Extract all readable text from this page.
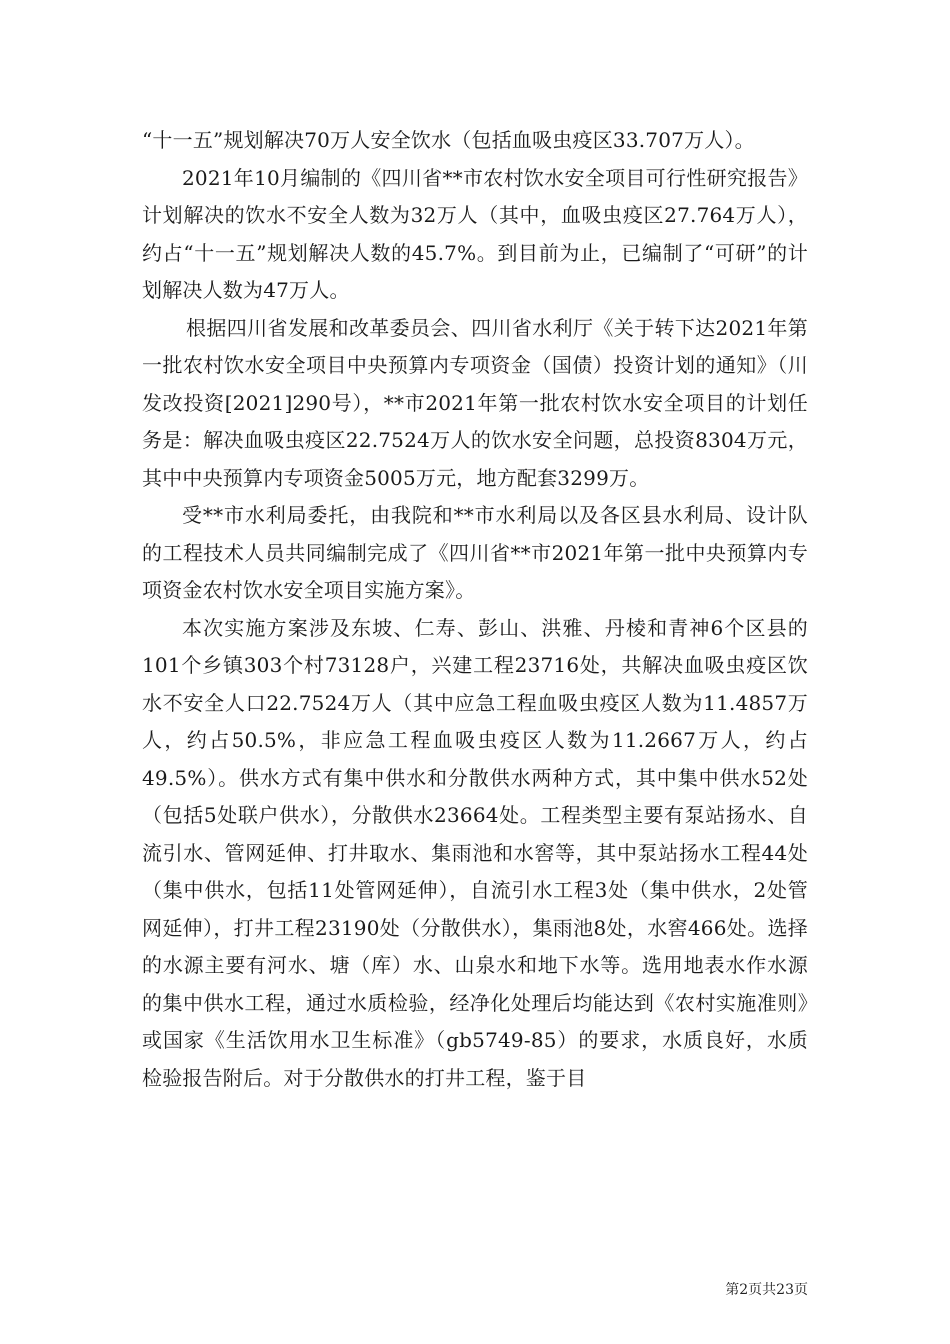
“十一五”规划解决70万人安全饮水（包括血吸虫疫区33.707万人）。

2021年10月编制的《四川省**市农村饮水安全项目可行性研究报告》计划解决的饮水不安全人数为32万人（其中，血吸虫疫区27.764万人），约占“十一五”规划解决人数的45.7%。到目前为止，已编制了“可研”的计划解决人数为47万人。

根据四川省发展和改革委员会、四川省水利厅《关于转下达2021年第一批农村饮水安全项目中央预算内专项资金（国债）投资计划的通知》（川发改投资[2021]290号），**市2021年第一批农村饮水安全项目的计划任务是：解决血吸虫疫区22.7524万人的饮水安全问题，总投资8304万元，其中中央预算内专项资金5005万元，地方配套3299万。

受**市水利局委托，由我院和**市水利局以及各区县水利局、设计队的工程技术人员共同编制完成了《四川省**市2021年第一批中央预算内专项资金农村饮水安全项目实施方案》。

本次实施方案涉及东坡、仁寿、彭山、洪雅、丹棱和青神6个区县的101个乡镇303个村73128户，兴建工程23716处，共解决血吸虫疫区饮水不安全人口22.7524万人（其中应急工程血吸虫疫区人数为11.4857万人，约占50.5%，非应急工程血吸虫疫区人数为11.2667万人，约占49.5%）。供水方式有集中供水和分散供水两种方式，其中集中供水52处（包括5处联户供水），分散供水23664处。工程类型主要有泵站扬水、自流引水、管网延伸、打井取水、集雨池和水窖等，其中泵站扬水工程44处（集中供水，包括11处管网延伸），自流引水工程3处（集中供水，2处管网延伸），打井工程23190处（分散供水），集雨池8处，水窖466处。选择的水源主要有河水、塘（库）水、山泉水和地下水等。选用地表水作水源的集中供水工程，通过水质检验，经净化处理后均能达到《农村实施准则》或国家《生活饮用水卫生标准》（gb5749-85）的要求，水质良好，水质检验报告附后。对于分散供水的打井工程，鉴于目

第2页共23页
